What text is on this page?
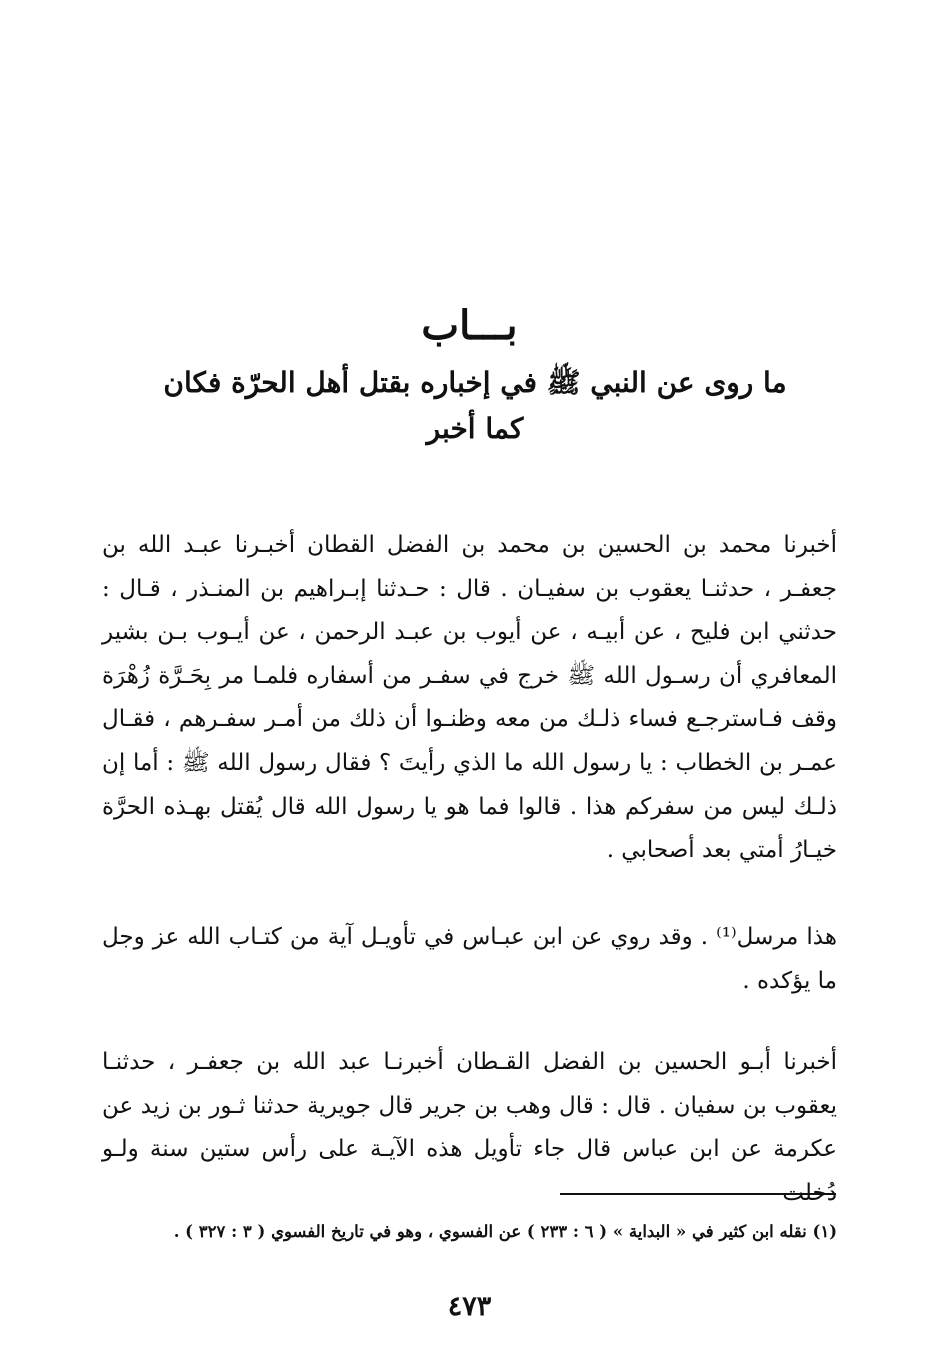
بـــاب
ما روى عن النبي ﷺ في إخباره بقتل أهل الحرّة فكان كما أخبر

أخبرنا محمد بن الحسين بن محمد بن الفضل القطان أخبـرنا عبـد الله بن جعفـر ، حدثنـا يعقوب بن سفيـان . قال : حـدثنا إبـراهيم بن المنـذر ، قـال : حدثني ابن فليح ، عن أبيـه ، عن أيوب بن عبـد الرحمن ، عن أيـوب بـن بشير المعافري أن رسـول الله ﷺ خرج في سفـر من أسفاره فلمـا مر بِحَـرَّة زُهْرَة وقف فـاسترجـع فساء ذلـك من معه وظنـوا أن ذلك من أمـر سفـرهم ، فقـال عمـر بن الخطاب : يا رسول الله ما الذي رأيتَ ؟ فقال رسول الله ﷺ : أما إن ذلـك ليس من سفركم هذا . قالوا فما هو يا رسول الله قال يُقتل بهـذه الحرَّة خيـارُ أمتي بعد أصحابي .

هذا مرسل⁽¹⁾ . وقد روي عن ابن عبـاس في تأويـل آية من كتـاب الله عز وجل ما يؤكده .

أخبرنا أبـو الحسين بن الفضل القـطان أخبرنـا عبد الله بن جعفـر ، حدثنـا يعقوب بن سفيان . قال : قال وهب بن جرير قال جويرية حدثنا ثـور بن زيد عن عكرمة عن ابن عباس قال جاء تأويل هذه الآيـة على رأس ستين سنة ولـو دُخلت

(١) نقله ابن كثير في « البداية » ( ٦ : ٢٣٣ ) عن الفسوي ، وهو في تاريخ الفسوي ( ٣ : ٣٢٧ ) .

٤٧٣
